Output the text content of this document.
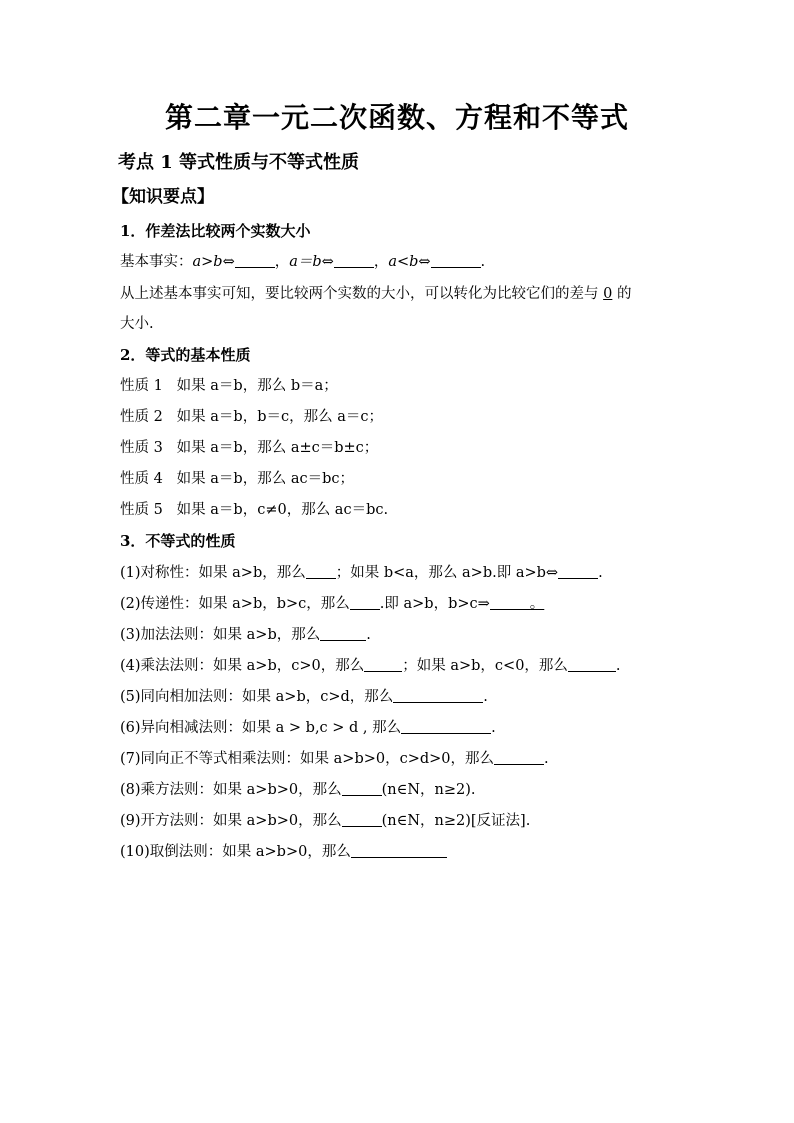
第二章一元二次函数、方程和不等式
考点 1 等式性质与不等式性质
【知识要点】
1．作差法比较两个实数大小
基本事实：a>b⇔	，a＝b⇔	，a<b⇔	.
从上述基本事实可知，要比较两个实数的大小，可以转化为比较它们的差与 0 的
大小.
2．等式的基本性质
性质 1 如果 a＝b，那么 b＝a；
性质 2 如果 a＝b，b＝c，那么 a＝c；
性质 3 如果 a＝b，那么 a±c＝b±c；
性质 4 如果 a＝b，那么 ac＝bc；
性质 5 如果 a＝b，c≠0，那么 ac＝bc.
3．不等式的性质
(1)对称性：如果 a>b，那么 ；如果 b<a，那么 a>b.即 a>b⇔	.
(2)传递性：如果 a>b，b>c，那么 .即 a>b，b>c⇒	。
(3)加法法则：如果 a>b，那么	.
(4)乘法法则：如果 a>b，c>0，那么	；如果 a>b，c<0，那么	.
(5)同向相加法则：如果 a>b，c>d，那么	.
(6)异向相减法则：如果 a > b,c > d , 那么	.
(7)同向正不等式相乘法则：如果 a>b>0，c>d>0，那么	.
(8)乘方法则：如果 a>b>0，那么	(n∈N，n≥2).
(9)开方法则：如果 a>b>0，那么	(n∈N，n≥2)[反证法].
(10)取倒法则：如果 a>b>0，那么
